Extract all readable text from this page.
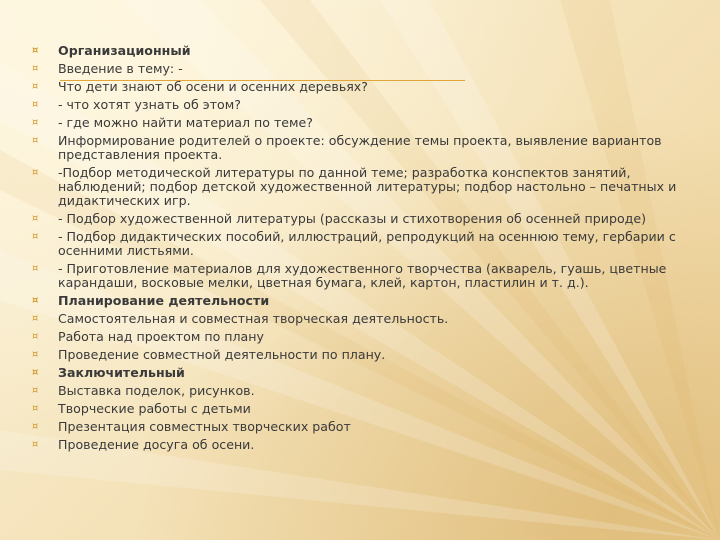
¤ Организационный
¤ Введение в тему: -
¤ Что дети знают об осени и осенних деревьях?
¤ - что хотят узнать об этом?
¤ - где можно найти материал по теме?
¤ Информирование родителей о проекте: обсуждение темы проекта, выявление вариантов представления проекта.
¤ -Подбор методической литературы по данной теме; разработка конспектов занятий, наблюдений; подбор детской художественной литературы; подбор настольно – печатных и дидактических игр.
¤ - Подбор художественной литературы (рассказы и стихотворения об осенней природе)
¤ - Подбор дидактических пособий, иллюстраций, репродукций на осеннюю тему, гербарии с осенними листьями.
¤ - Приготовление материалов для художественного творчества (акварель, гуашь, цветные карандаши, восковые мелки, цветная бумага, клей, картон, пластилин и т. д.).
¤ Планирование деятельности
¤ Самостоятельная и совместная творческая деятельность.
¤ Работа над проектом по плану
¤ Проведение совместной деятельности по плану.
¤ Заключительный
¤ Выставка поделок, рисунков.
¤ Творческие работы с детьми
¤ Презентация совместных творческих работ
¤ Проведение досуга об осени.
